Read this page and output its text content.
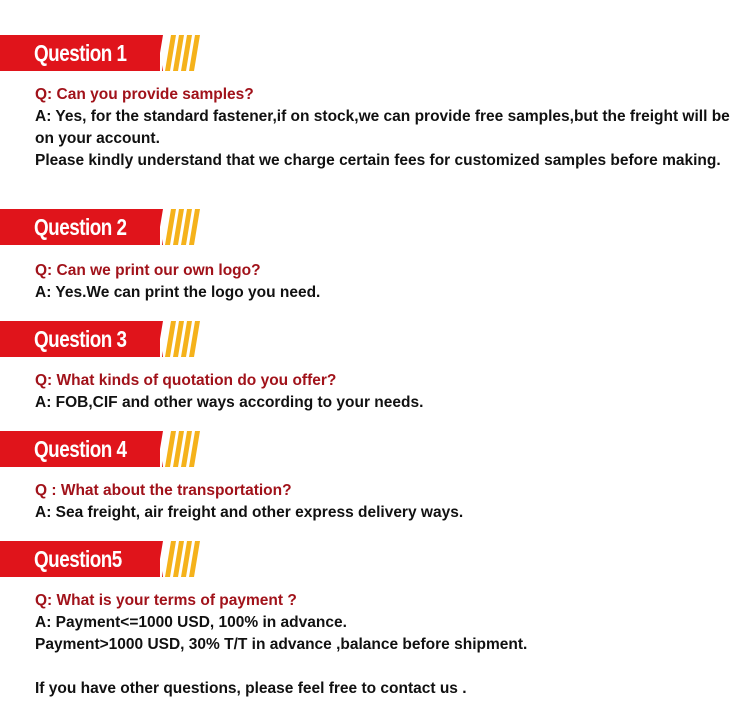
Question 1

Q: Can you provide samples?

A: Yes, for the standard fastener,if on stock,we can provide free samples,but the freight will be on your account.

Please kindly understand that we charge certain fees for customized samples before making.

Question 2

Q: Can we print our own logo?

A: Yes.We can print the logo you need.

Question 3

Q: What kinds of quotation do you offer?

A: FOB,CIF and other ways according to your needs.

Question 4

Q : What about the transportation?

A: Sea freight, air freight and other express delivery ways.

Question5

Q: What is your terms of payment ?

A: Payment<=1000 USD, 100% in advance.

Payment>1000 USD, 30% T/T in advance ,balance before shipment.

If you have other questions, please feel free to contact us .
